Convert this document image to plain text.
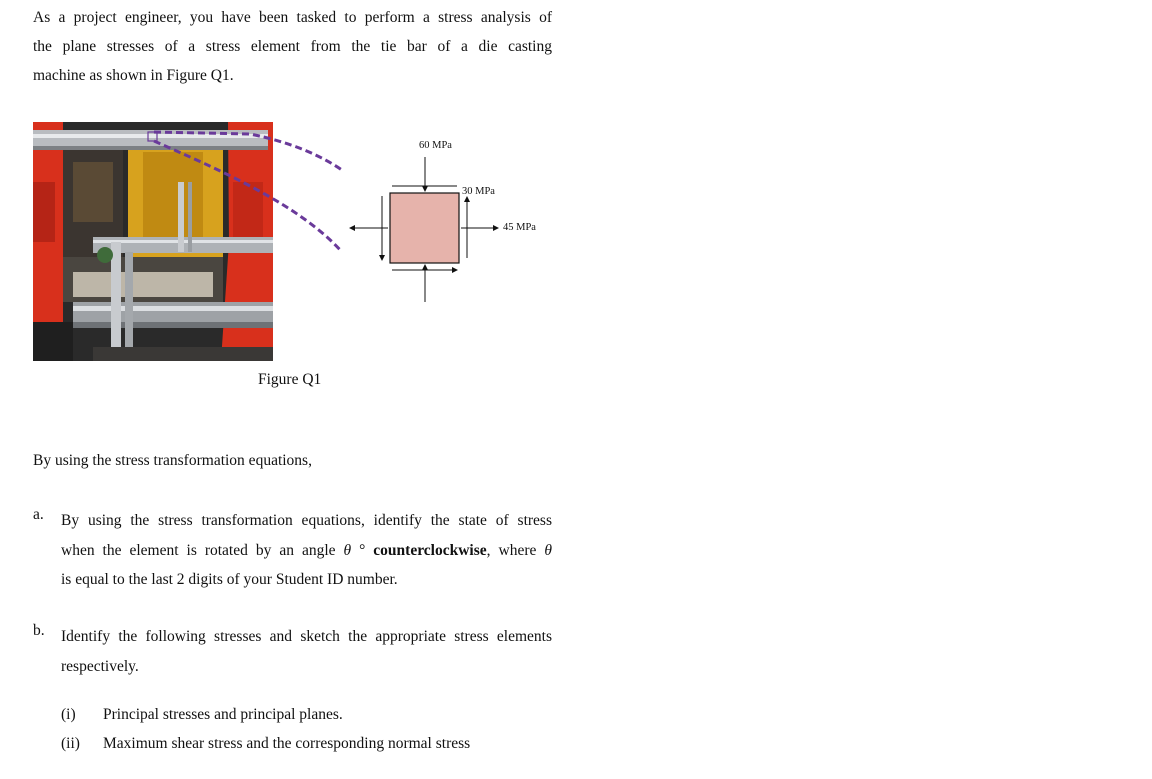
As a project engineer, you have been tasked to perform a stress analysis of
the plane stresses of a stress element from the tie bar of a die casting
machine as shown in Figure Q1.
60 MPa
30 MPa
45 MPa
Figure Q1
By using the stress transformation equations,
a. By using the stress transformation equations, identify the state of stress
when the element is rotated by an angle θ ° counterclockwise, where θ
is equal to the last 2 digits of your Student ID number.
b. Identify the following stresses and sketch the appropriate stress elements
respectively.
(i) Principal stresses and principal planes.
(ii) Maximum shear stress and the corresponding normal stress
